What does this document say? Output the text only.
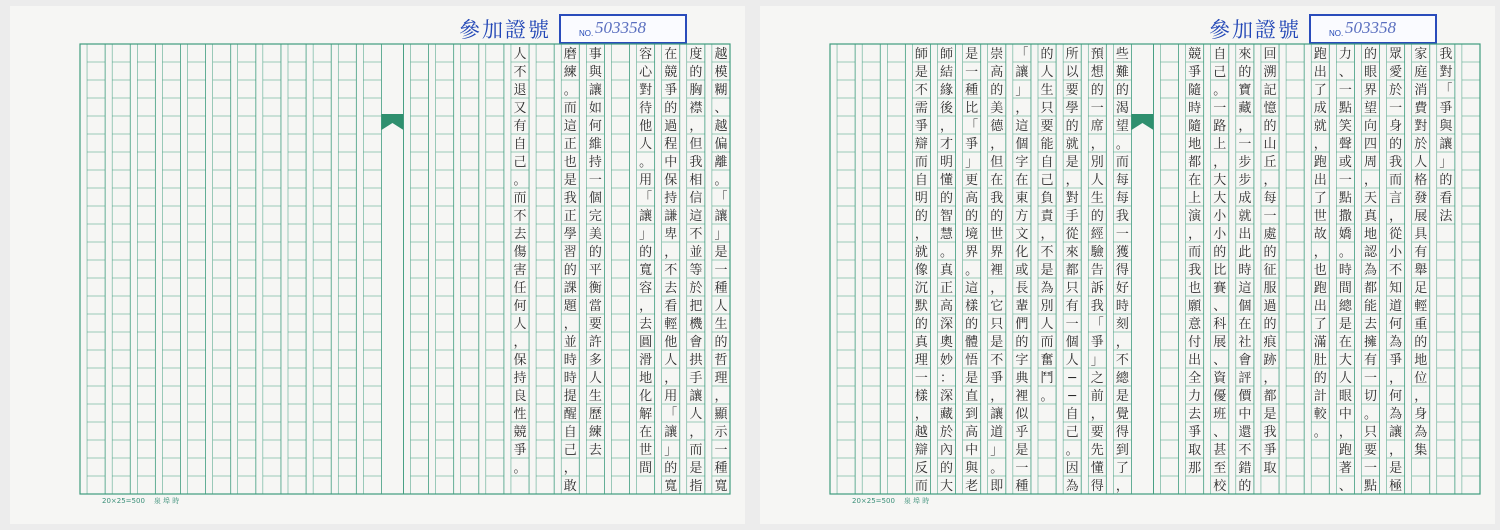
參加證號	NO. 503358
越
模
糊
、
越
偏
離
。
「
讓
」
是
一
種
人
生
的
哲
理
，
顯
示
一
種
寬
度
的
胸
襟
，
但
我
相
信
這
不
並
等
於
把
機
會
拱
手
讓
人
，
而
是
指
在
競
爭
的
過
程
中
保
持
謙
卑
，
不
去
看
輕
他
人
，
用
「
讓
」
的
寬
容
心
對
待
他
人
。
用
「
讓
」
的
寬
容
，
去
圓
滑
地
化
解
在
世
間
事
與
讓
如
何
維
持
一
個
完
美
的
平
衡
當
要
許
多
人
生
歷
練
去
磨
練
。
而
這
正
也
是
我
正
學
習
的
課
題
，
並
時
時
提
醒
自
己
，
敢
人
不
退
又
有
自
己
。
而
不
去
傷
害
任
何
人
，
保
持
良
性
競
爭
。
20×25=500    泉 埠 時
參加證號	NO. 503358
我
對
「
爭
與
讓
」
的
看
法
家
庭
消
費
對
於
人
格
發
展
具
有
舉
足
輕
重
的
地
位
，
身
為
集
眾
愛
於
一
身
的
我
而
言
，
從
小
不
知
道
何
為
爭
，
何
為
讓
，
是
極
的
眼
界
望
向
四
周
，
天
真
地
認
為
都
能
去
擁
有
一
切
。
只
要
一
點
力
、
一
點
笑
聲
或
一
點
撒
嬌
。
時
間
總
是
在
大
人
眼
中
，
跑
著
、
跑
出
了
成
就
，
跑
出
了
世
故
，
也
跑
出
了
滿
肚
的
計
較
。
回
溯
記
憶
的
山
丘
，
每
一
處
的
征
服
過
的
痕
跡
，
都
是
我
爭
取
來
的
寶
藏
，
一
步
步
成
就
出
此
時
這
個
在
社
會
評
價
中
還
不
錯
的
自
己
。
一
路
上
，
大
大
小
小
的
比
賽
、
科
展
、
資
優
班
、
甚
至
校
競
爭
隨
時
隨
地
都
在
上
演
，
而
我
也
願
意
付
出
全
力
去
爭
取
那
些
難
的
渴
望
。
而
每
每
我
一
獲
得
好
時
刻
，
不
總
是
覺
得
到
了
，
預
想
的
一
席
，
別
人
生
的
經
驗
告
訴
我
「
爭
」
之
前
，
要
先
懂
得
所
以
要
學
的
就
是
，
對
手
從
來
都
只
有
一
個
人
─
─
自
己
。
因
為
的
人
生
只
要
能
自
己
負
責
，
不
是
為
別
人
而
奮
鬥
。
「
讓
」
，
這
個
字
在
東
方
文
化
或
長
輩
們
的
字
典
裡
似
乎
是
一
種
崇
高
的
美
德
，
但
在
我
的
世
界
裡
，
它
只
是
不
爭
，
讓
道
」
。
即
是
一
種
比
「
爭
」
更
高
的
境
界
。
這
樣
的
體
悟
是
直
到
高
中
與
老
師
結
緣
後
，
才
明
懂
的
智
慧
。
真
正
高
深
奧
妙
：
深
藏
於
內
的
大
師
是
不
需
爭
辯
而
自
明
的
，
就
像
沉
默
的
真
理
一
樣
，
越
辯
反
而
20×25=500    泉 埠 時
